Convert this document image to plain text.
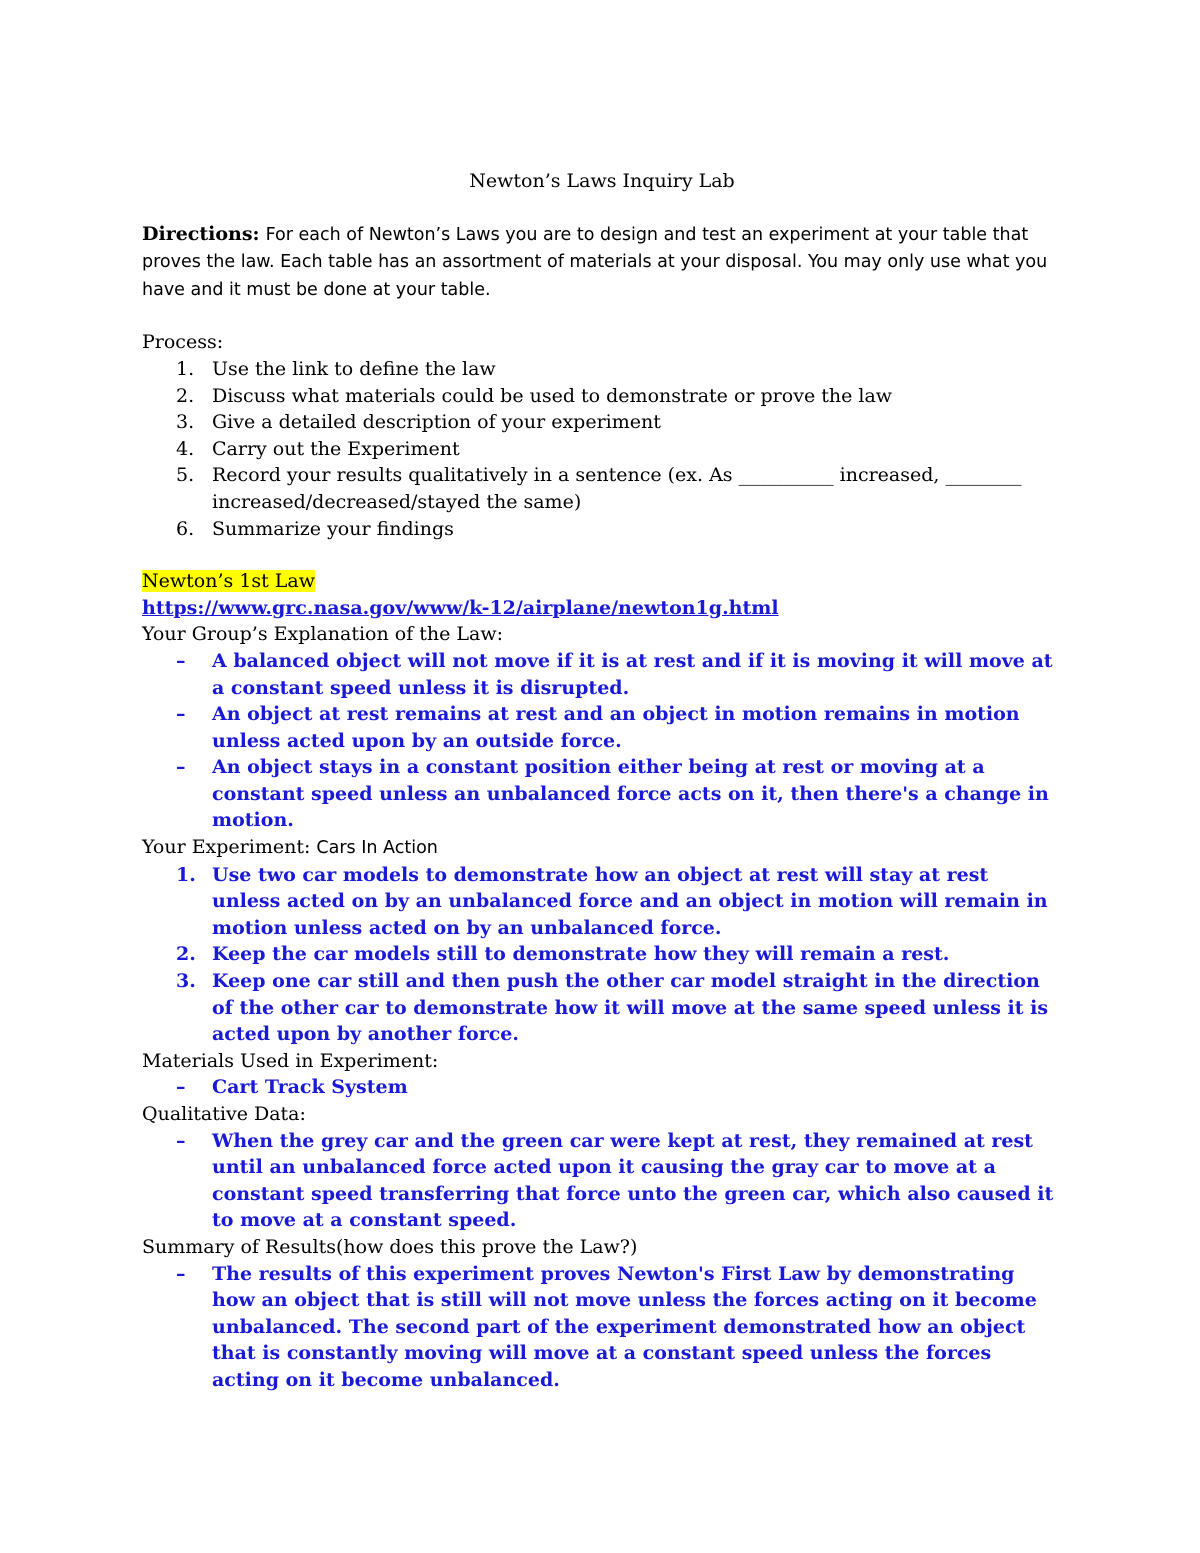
Newton’s Laws Inquiry Lab

Directions: For each of Newton’s Laws you are to design and test an experiment at your table that proves the law. Each table has an assortment of materials at your disposal. You may only use what you have and it must be done at your table.

Process:

1. Use the link to define the law
2. Discuss what materials could be used to demonstrate or prove the law
3. Give a detailed description of your experiment
4. Carry out the Experiment
5. Record your results qualitatively in a sentence (ex. As __________ increased, ________ increased/decreased/stayed the same)
6. Summarize your findings

Newton’s 1st Law

https://www.grc.nasa.gov/www/k-12/airplane/newton1g.html

Your Group’s Explanation of the Law:

– A balanced object will not move if it is at rest and if it is moving it will move at a constant speed unless it is disrupted.
– An object at rest remains at rest and an object in motion remains in motion unless acted upon by an outside force.
– An object stays in a constant position either being at rest or moving at a constant speed unless an unbalanced force acts on it, then there's a change in motion.

Your Experiment: Cars In Action

1. Use two car models to demonstrate how an object at rest will stay at rest unless acted on by an unbalanced force and an object in motion will remain in motion unless acted on by an unbalanced force.
2. Keep the car models still to demonstrate how they will remain a rest.
3. Keep one car still and then push the other car model straight in the direction of the other car to demonstrate how it will move at the same speed unless it is acted upon by another force.

Materials Used in Experiment:

– Cart Track System

Qualitative Data:

– When the grey car and the green car were kept at rest, they remained at rest until an unbalanced force acted upon it causing the gray car to move at a constant speed transferring that force unto the green car, which also caused it to move at a constant speed.

Summary of Results(how does this prove the Law?)

– The results of this experiment proves Newton's First Law by demonstrating how an object that is still will not move unless the forces acting on it become unbalanced. The second part of the experiment demonstrated how an object that is constantly moving will move at a constant speed unless the forces acting on it become unbalanced.
